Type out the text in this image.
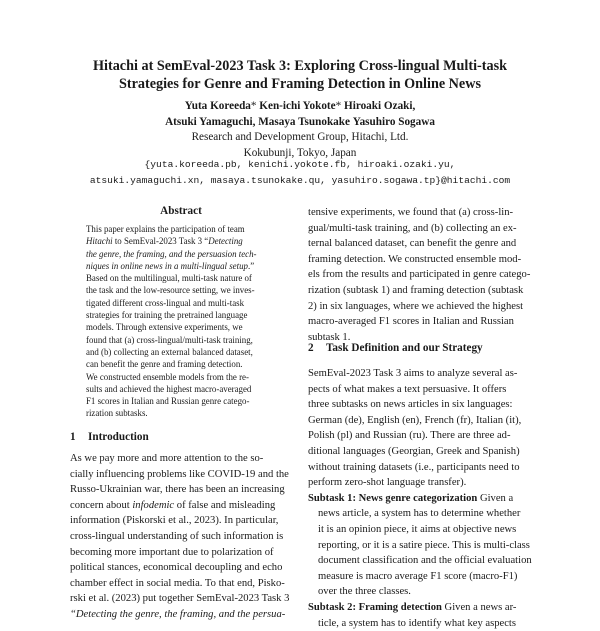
Hitachi at SemEval-2023 Task 3: Exploring Cross-lingual Multi-task
Strategies for Genre and Framing Detection in Online News
Yuta Koreeda* Ken-ichi Yokote* Hiroaki Ozaki,
Atsuki Yamaguchi, Masaya Tsunokake Yasuhiro Sogawa
Research and Development Group, Hitachi, Ltd.
Kokubunji, Tokyo, Japan
{yuta.koreeda.pb, kenichi.yokote.fb, hiroaki.ozaki.yu,
atsuki.yamaguchi.xn, masaya.tsunokake.qu, yasuhiro.sogawa.tp}@hitachi.com
Abstract
This paper explains the participation of team
Hitachi to SemEval-2023 Task 3 “Detecting
the genre, the framing, and the persuasion tech-
niques in online news in a multi-lingual setup.”
Based on the multilingual, multi-task nature of
the task and the low-resource setting, we inves-
tigated different cross-lingual and multi-task
strategies for training the pretrained language
models. Through extensive experiments, we
found that (a) cross-lingual/multi-task training,
and (b) collecting an external balanced dataset,
can benefit the genre and framing detection.
We constructed ensemble models from the re-
sults and achieved the highest macro-averaged
F1 scores in Italian and Russian genre catego-
rization subtasks.
1 Introduction
As we pay more and more attention to the so-
cially influencing problems like COVID-19 and the
Russo-Ukrainian war, there has been an increasing
concern about infodemic of false and misleading
information (Piskorski et al., 2023). In particular,
cross-lingual understanding of such information is
becoming more important due to polarization of
political stances, economical decoupling and echo
chamber effect in social media. To that end, Pisko-
rski et al. (2023) put together SemEval-2023 Task 3
“Detecting the genre, the framing, and the persua-
tensive experiments, we found that (a) cross-lin-
gual/multi-task training, and (b) collecting an ex-
ternal balanced dataset, can benefit the genre and
framing detection. We constructed ensemble mod-
els from the results and participated in genre catego-
rization (subtask 1) and framing detection (subtask
2) in six languages, where we achieved the highest
macro-averaged F1 scores in Italian and Russian
subtask 1.
2 Task Definition and our Strategy
SemEval-2023 Task 3 aims to analyze several as-
pects of what makes a text persuasive. It offers
three subtasks on news articles in six languages:
German (de), English (en), French (fr), Italian (it),
Polish (pl) and Russian (ru). There are three ad-
ditional languages (Georgian, Greek and Spanish)
without training datasets (i.e., participants need to
perform zero-shot language transfer).
Subtask 1: News genre categorization Given a
news article, a system has to determine whether
it is an opinion piece, it aims at objective news
reporting, or it is a satire piece. This is multi-class
document classification and the official evaluation
measure is macro average F1 score (macro-F1)
over the three classes.
Subtask 2: Framing detection Given a news ar-
ticle, a system has to identify what key aspects
